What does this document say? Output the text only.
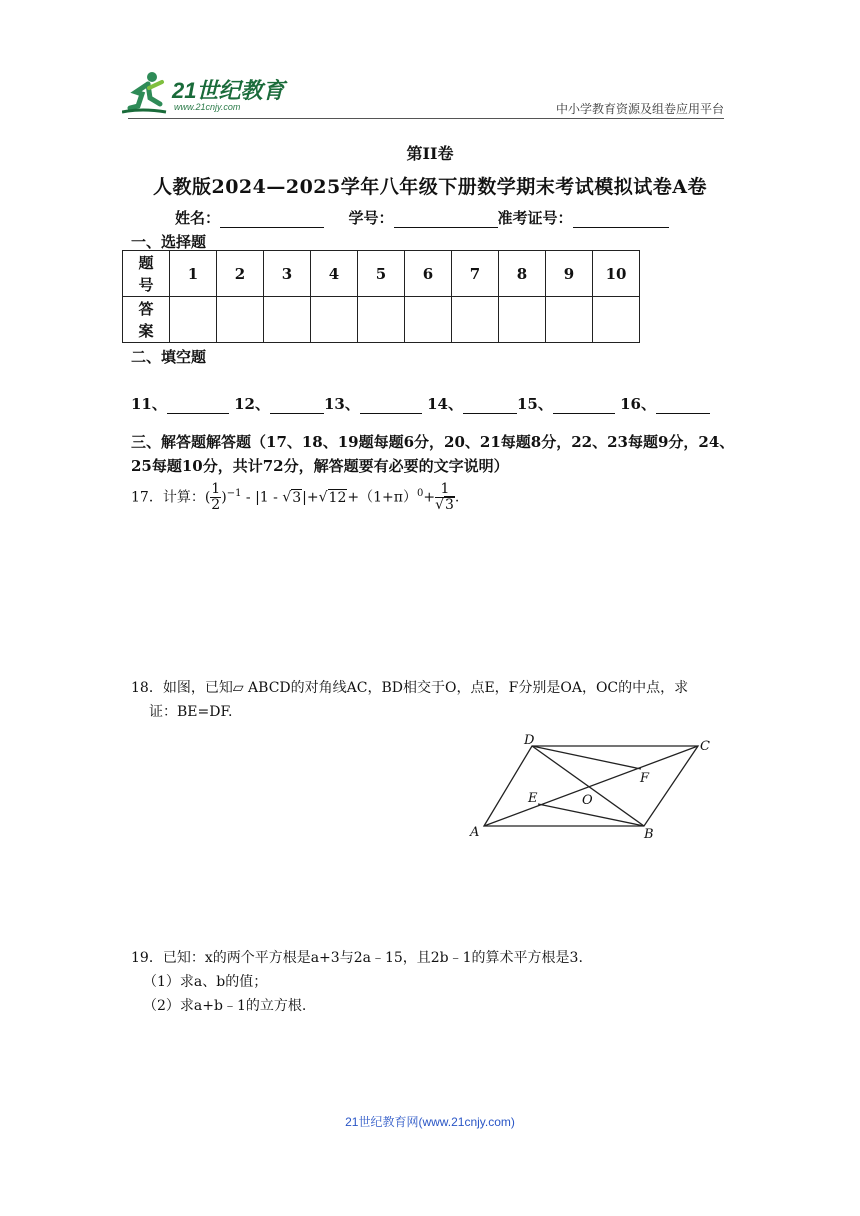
21世纪教育
www.21cnjy.com	中小学教育资源及组卷应用平台
第II卷
人教版2024—2025学年八年级下册数学期末考试模拟试卷A卷
姓名：	学号：	准考证号：
一、选择题
题
号	1	2	3	4	5	6	7	8	9	10

答
案										

二、填空题
11、	12、	13、	14、	15、	16、
三、解答题解答题（17、18、19题每题6分，20、21每题8分，22、23每题9分，24、25每题10分，共计72分，解答题要有必要的文字说明）
17．计算：( $\frac{1}{2} )^{-1} - |1 - √3|+√12+(1+\pi)^0+ \frac{1}{√3}$ .
18．如图，已知▱ ABCD的对角线AC，BD相交于O，点E，F分别是OA，OC的中点，求
证：BE=DF.
A	B
C
D
E
F
O
19．已知：x的两个平方根是a+3与2a﹣15，且2b﹣1的算术平方根是3.
（1）求a、b的值；
（2）求a+b﹣1的立方根.
21世纪教育网(www.21cnjy.com)
